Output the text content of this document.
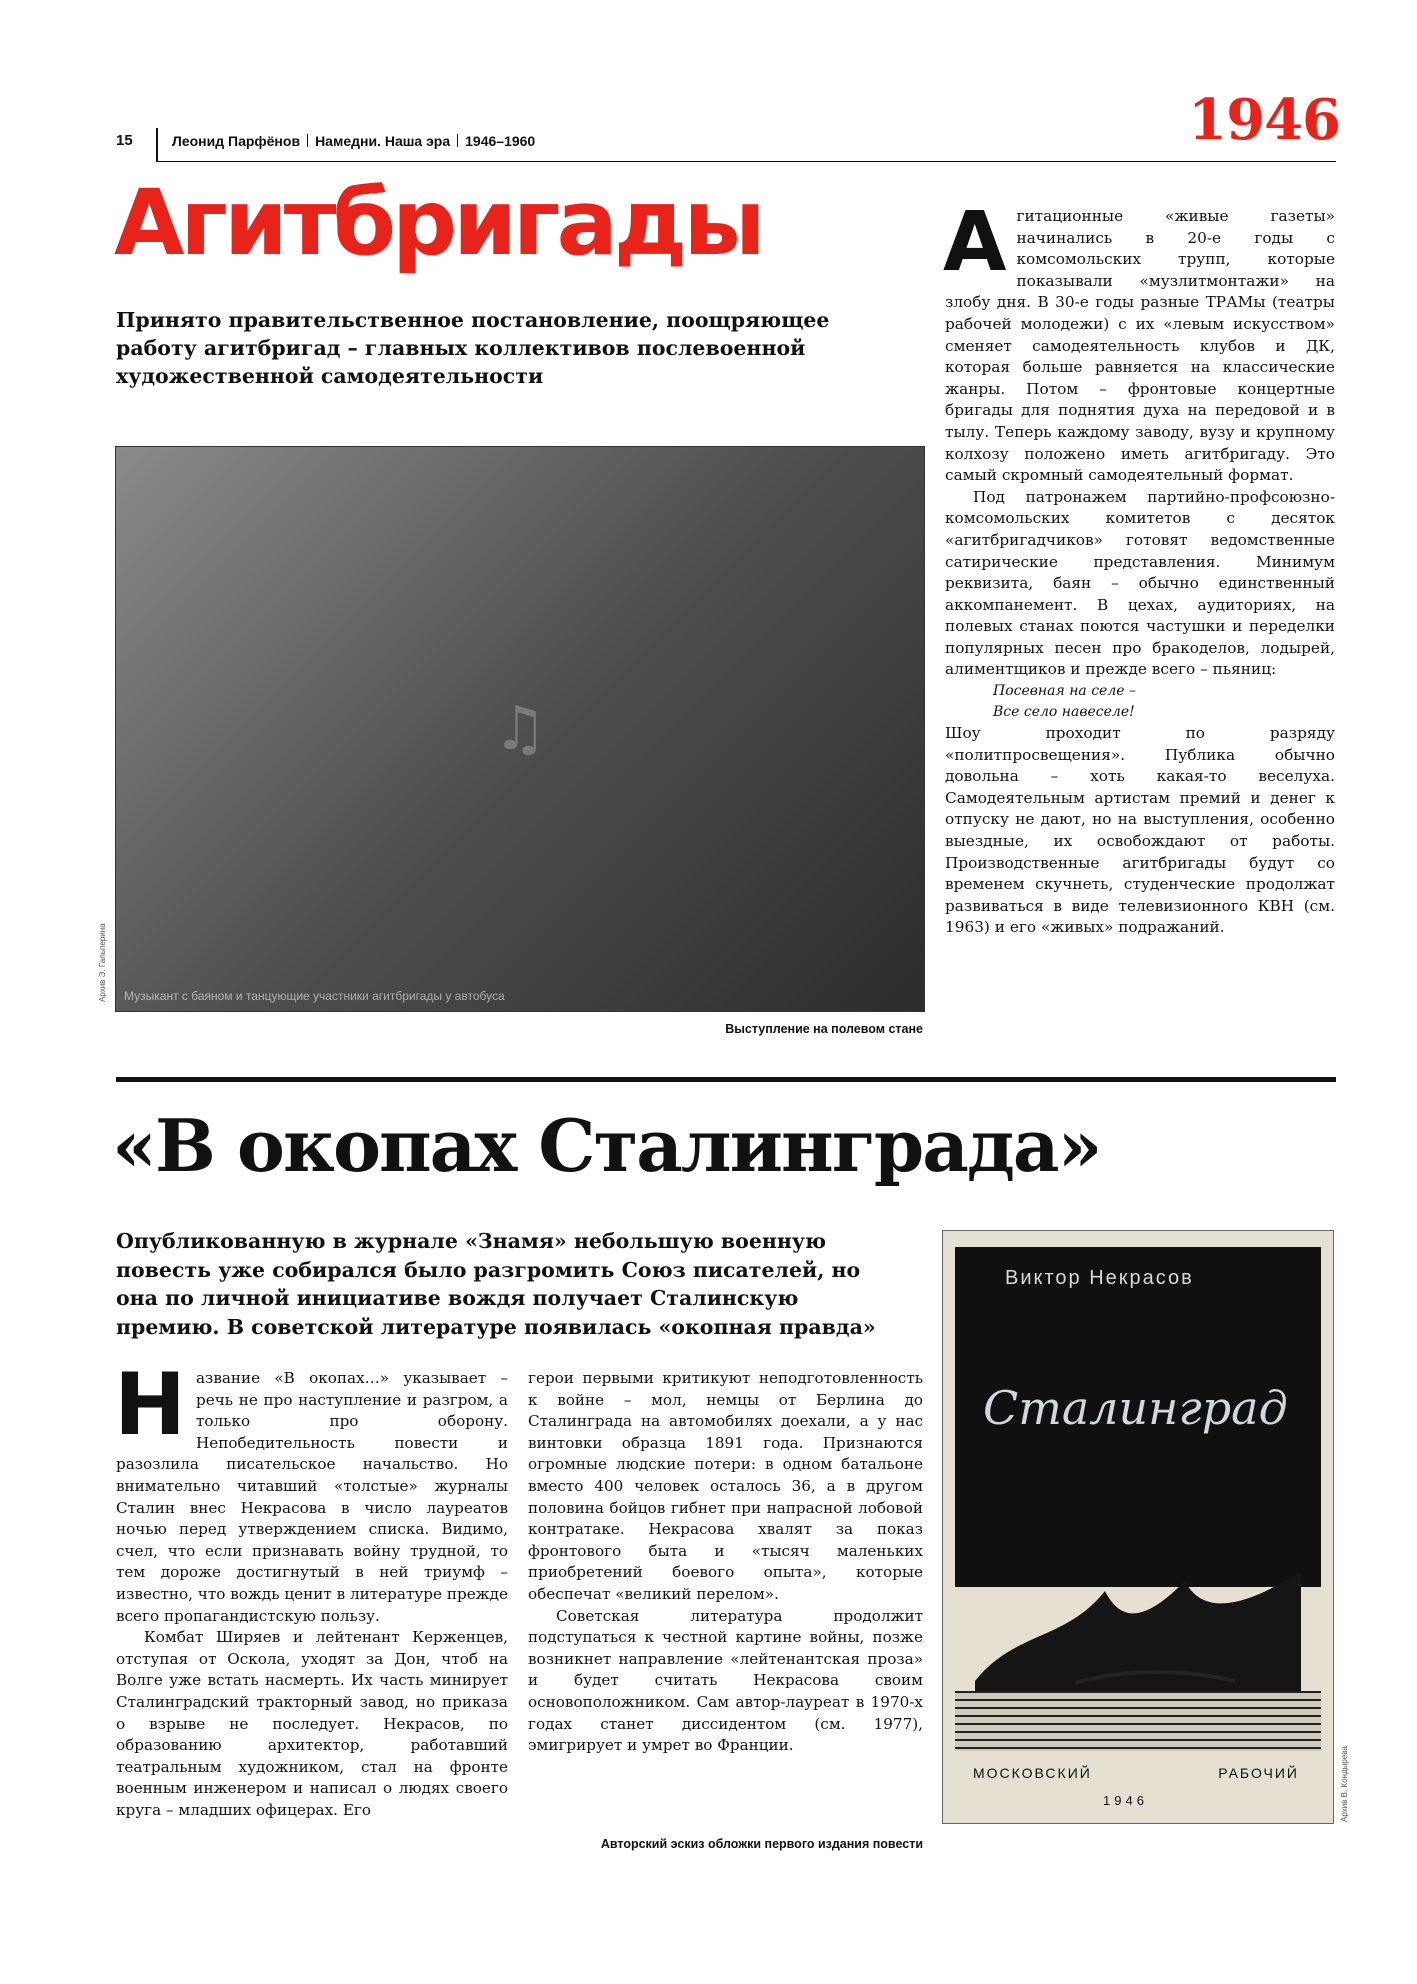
15	Леонид Парфёнов Намедни. Наша эра 1946–1960	1946
Агитбригады
Принято правительственное постановление, поощряющее работу агитбригад – главных коллективов послевоенной художественной самодеятельности
♫
Музыкант с баяном и танцующие участники агитбригады у автобуса
Архив Э. Гальперина
Выступление на полевом стане

Агитационные «живые газеты» начинались в 20-е годы с комсомольских трупп, которые показывали «музлитмонтажи» на злобу дня. В 30-е годы разные ТРАМы (театры рабочей молодежи) с их «левым искусством» сменяет самодеятельность клубов и ДК, которая больше равняется на классические жанры. Потом – фронтовые концертные бригады для поднятия духа на передовой и в тылу. Теперь каждому заводу, вузу и крупному колхозу положено иметь агитбригаду. Это самый скромный самодеятельный формат.

Под патронажем партийно-профсоюзно-комсомольских комитетов с десяток «агитбригадчиков» готовят ведомственные сатирические представления. Минимум реквизита, баян – обычно единственный аккомпанемент. В цехах, аудиториях, на полевых станах поются частушки и переделки популярных песен про бракоделов, лодырей, алиментщиков и прежде всего – пьяниц:

Посевная на селе –
Все село навеселе!

Шоу проходит по разряду «политпросвещения». Публика обычно довольна – хоть какая-то веселуха. Самодеятельным артистам премий и денег к отпуску не дают, но на выступления, особенно выездные, их освобождают от работы. Производственные агитбригады будут со временем скучнеть, студенческие продолжат развиваться в виде телевизионного КВН (см. 1963) и его «живых» подражаний.

«В окопах Сталинграда»
Опубликованную в журнале «Знамя» небольшую военную повесть уже собирался было разгромить Союз писателей, но она по личной инициативе вождя получает Сталинскую премию. В советской литературе появилась «окопная правда»

Название «В окопах…» указывает – речь не про наступление и разгром, а только про оборону. Непобедительность повести и разозлила писательское начальство. Но внимательно читавший «толстые» журналы Сталин внес Некрасова в число лауреатов ночью перед утверждением списка. Видимо, счел, что если признавать войну трудной, то тем дороже достигнутый в ней триумф – известно, что вождь ценит в литературе прежде всего пропагандистскую пользу.

Комбат Ширяев и лейтенант Керженцев, отступая от Оскола, уходят за Дон, чтоб на Волге уже встать насмерть. Их часть минирует Сталинградский тракторный завод, но приказа о взрыве не последует. Некрасов, по образованию архитектор, работавший театральным художником, стал на фронте военным инженером и написал о людях своего круга – младших офицерах. Его

герои первыми критикуют неподготовленность к войне – мол, немцы от Берлина до Сталинграда на автомобилях доехали, а у нас винтовки образца 1891 года. Признаются огромные людские потери: в одном батальоне вместо 400 человек осталось 36, а в другом половина бойцов гибнет при напрасной лобовой контратаке. Некрасова хвалят за показ фронтового быта и «тысяч маленьких приобретений боевого опыта», которые обеспечат «великий перелом».

Советская литература продолжит подступаться к честной картине войны, позже возникнет направление «лейтенантская проза» и будет считать Некрасова своим основоположником. Сам автор-лауреат в 1970-х годах станет диссидентом (см. 1977), эмигрирует и умрет во Франции.

Авторский эскиз обложки первого издания повести
Виктор Некрасов
Сталинград
МОСКОВСКИЙ	РАБОЧИЙ
1946	Архив В. Кондырева
